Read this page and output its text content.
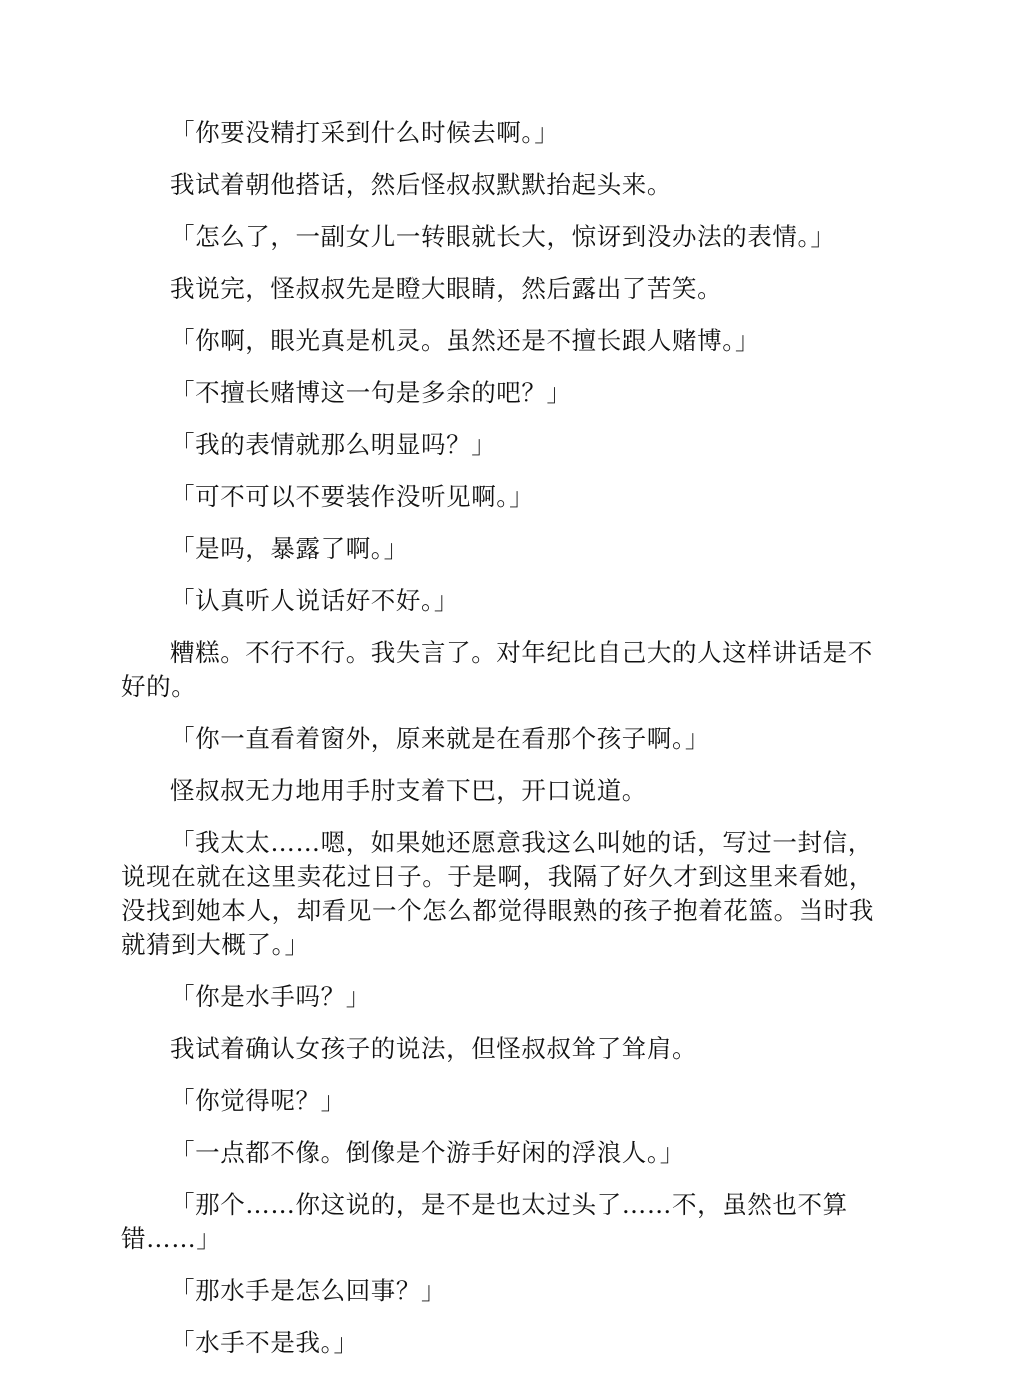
「你要没精打采到什么时候去啊。」

我试着朝他搭话，然后怪叔叔默默抬起头来。

「怎么了，一副女儿一转眼就长大，惊讶到没办法的表情。」

我说完，怪叔叔先是瞪大眼睛，然后露出了苦笑。

「你啊，眼光真是机灵。虽然还是不擅长跟人赌博。」

「不擅长赌博这一句是多余的吧？」

「我的表情就那么明显吗？」

「可不可以不要装作没听见啊。」

「是吗，暴露了啊。」

「认真听人说话好不好。」

糟糕。不行不行。我失言了。对年纪比自己大的人这样讲话是不好的。

「你一直看着窗外，原来就是在看那个孩子啊。」

怪叔叔无力地用手肘支着下巴，开口说道。

「我太太……嗯，如果她还愿意我这么叫她的话，写过一封信，说现在就在这里卖花过日子。于是啊，我隔了好久才到这里来看她，没找到她本人，却看见一个怎么都觉得眼熟的孩子抱着花篮。当时我就猜到大概了。」

「你是水手吗？」

我试着确认女孩子的说法，但怪叔叔耸了耸肩。

「你觉得呢？」

「一点都不像。倒像是个游手好闲的浮浪人。」

「那个……你这说的，是不是也太过头了……不，虽然也不算错……」

「那水手是怎么回事？」

「水手不是我。」
